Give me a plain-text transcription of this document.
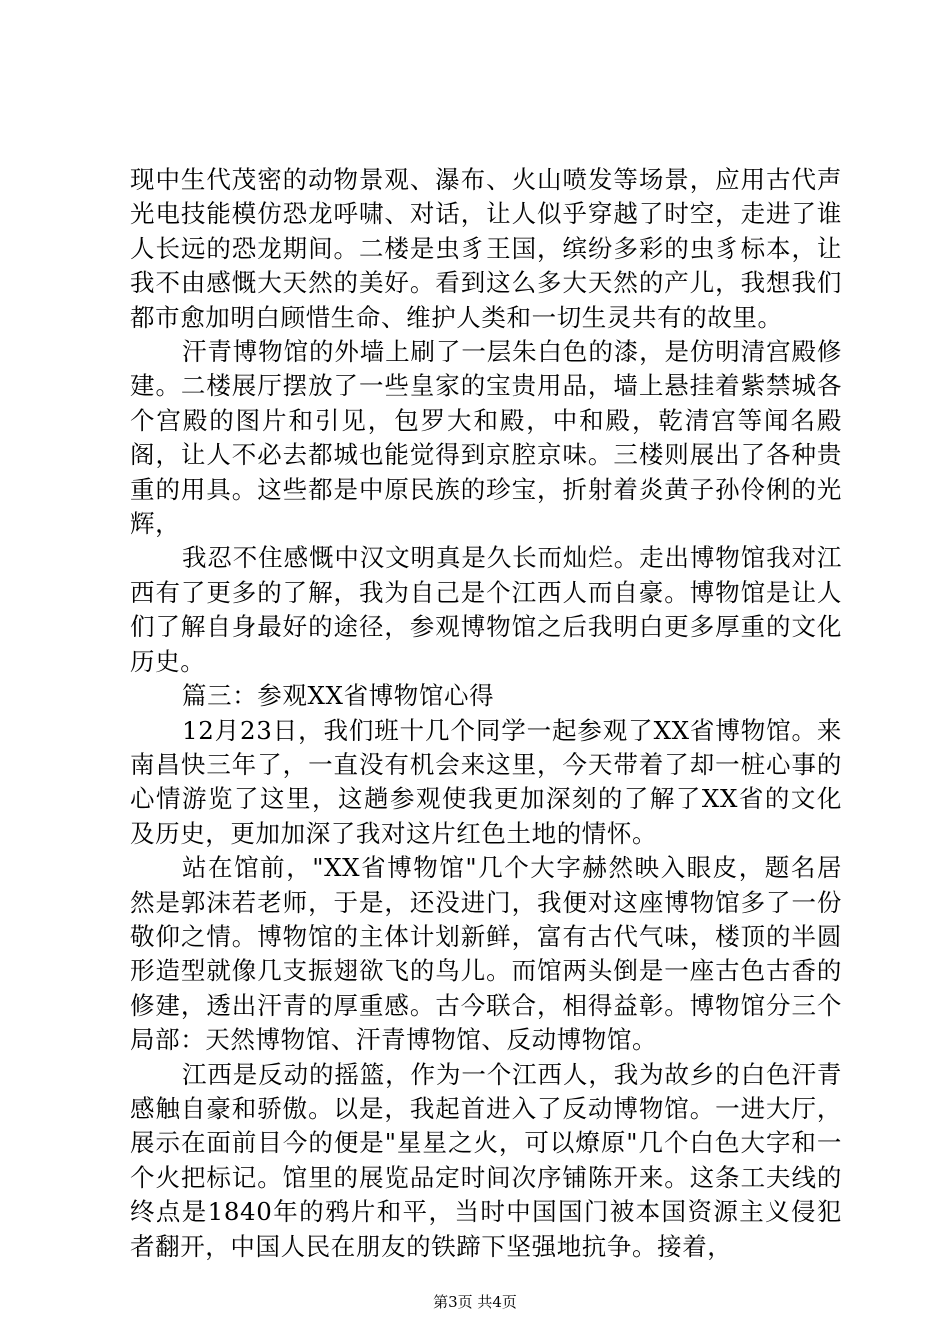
现中生代茂密的动物景观、瀑布、火山喷发等场景，应用古代声光电技能模仿恐龙呼啸、对话，让人似乎穿越了时空，走进了谁人长远的恐龙期间。二楼是虫豸王国，缤纷多彩的虫豸标本，让我不由感慨大天然的美好。看到这么多大天然的产儿，我想我们都市愈加明白顾惜生命、维护人类和一切生灵共有的故里。

汗青博物馆的外墙上刷了一层朱白色的漆，是仿明清宫殿修建。二楼展厅摆放了一些皇家的宝贵用品，墙上悬挂着紫禁城各个宫殿的图片和引见，包罗大和殿，中和殿，乾清宫等闻名殿阁，让人不必去都城也能觉得到京腔京味。三楼则展出了各种贵重的用具。这些都是中原民族的珍宝，折射着炎黄子孙伶俐的光辉，

我忍不住感慨中汉文明真是久长而灿烂。走出博物馆我对江西有了更多的了解，我为自己是个江西人而自豪。博物馆是让人们了解自身最好的途径，参观博物馆之后我明白更多厚重的文化历史。

篇三：参观XX省博物馆心得

12月23日，我们班十几个同学一起参观了XX省博物馆。来南昌快三年了，一直没有机会来这里，今天带着了却一桩心事的心情游览了这里，这趟参观使我更加深刻的了解了XX省的文化及历史，更加加深了我对这片红色土地的情怀。

站在馆前，"XX省博物馆"几个大字赫然映入眼皮，题名居然是郭沫若老师，于是，还没进门，我便对这座博物馆多了一份敬仰之情。博物馆的主体计划新鲜，富有古代气味，楼顶的半圆形造型就像几支振翅欲飞的鸟儿。而馆两头倒是一座古色古香的修建，透出汗青的厚重感。古今联合，相得益彰。博物馆分三个局部：天然博物馆、汗青博物馆、反动博物馆。

江西是反动的摇篮，作为一个江西人，我为故乡的白色汗青感触自豪和骄傲。以是，我起首进入了反动博物馆。一进大厅，展示在面前目今的便是"星星之火，可以燎原"几个白色大字和一个火把标记。馆里的展览品定时间次序铺陈开来。这条工夫线的终点是1840年的鸦片和平，当时中国国门被本国资源主义侵犯者翻开，中国人民在朋友的铁蹄下坚强地抗争。接着，

第3页 共4页
